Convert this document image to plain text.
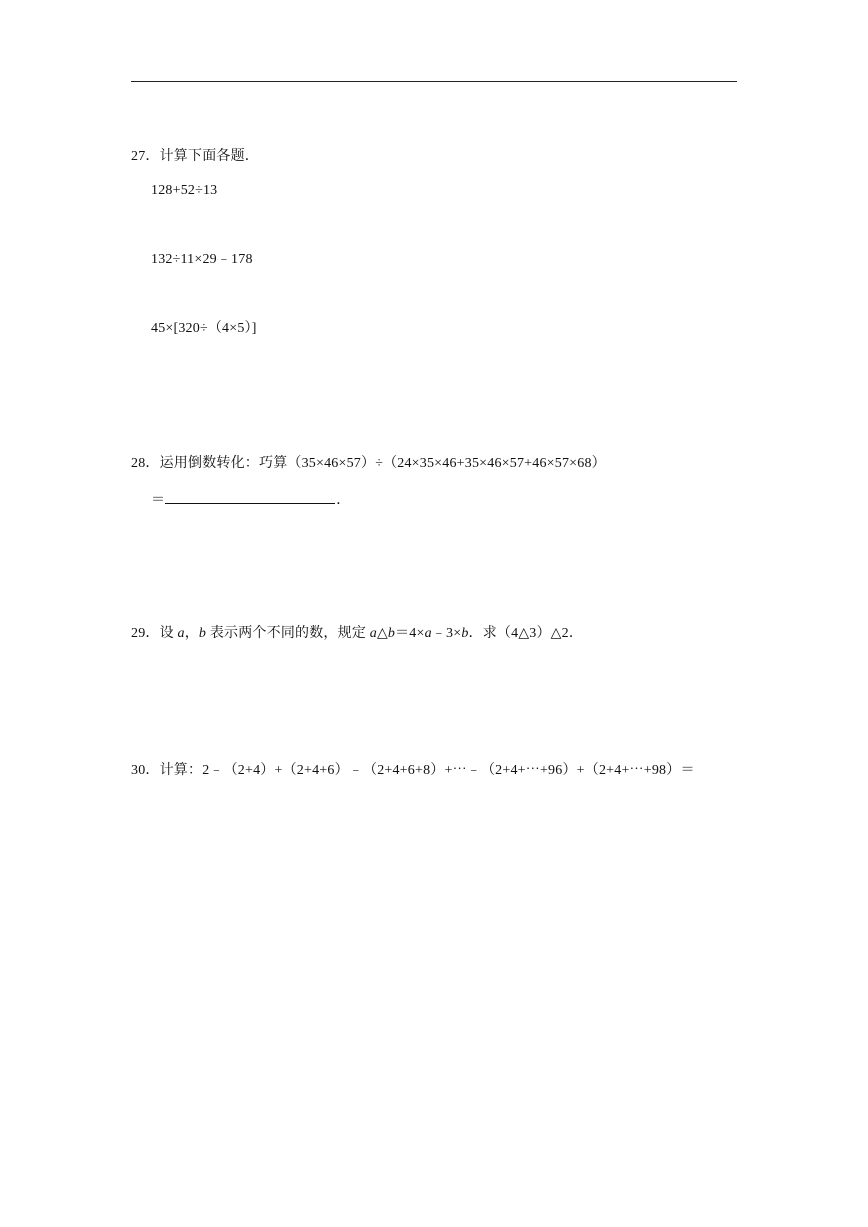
27．计算下面各题．
128+52÷13
132÷11×29﹣178
45×[320÷（4×5）]
28．运用倒数转化：巧算（35×46×57）÷（24×35×46+35×46×57+46×57×68）
＝	．
29．设 a，b 表示两个不同的数，规定 a△b＝4×a﹣3×b．求（4△3）△2．
30．计算：2﹣（2+4）+（2+4+6）﹣（2+4+6+8）+⋯﹣（2+4+⋯+96）+（2+4+⋯+98）＝
